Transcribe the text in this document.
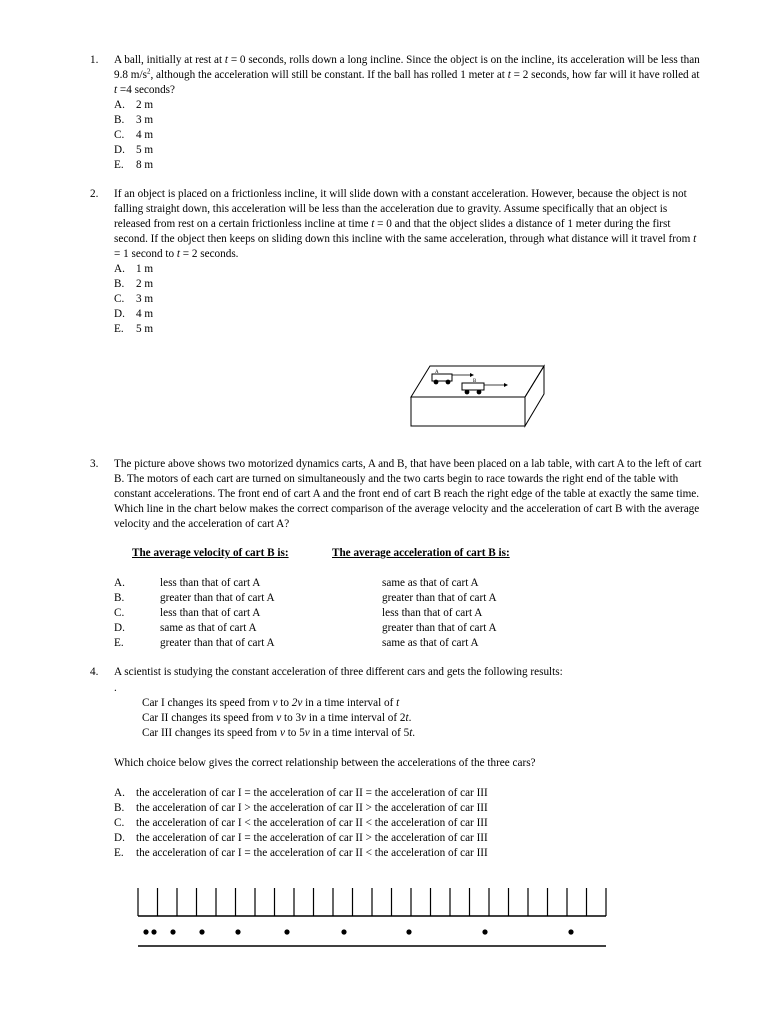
1. A ball, initially at rest at t = 0 seconds, rolls down a long incline. Since the object is on the incline, its acceleration will be less than 9.8 $m/s^2$, although the acceleration will still be constant. If the ball has rolled 1 meter at t = 2 seconds, how far will it have rolled at t =4 seconds?
A. 2 m
B. 3 m
C. 4 m
D. 5 m
E. 8 m
2. If an object is placed on a frictionless incline, it will slide down with a constant acceleration. However, because the object is not falling straight down, this acceleration will be less than the acceleration due to gravity. Assume specifically that an object is released from rest on a certain frictionless incline at time t = 0 and that the object slides a distance of 1 meter during the first second. If the object then keeps on sliding down this incline with the same acceleration, through what distance will it travel from t = 1 second to t = 2 seconds.
A. 1 m
B. 2 m
C. 3 m
D. 4 m
E. 5 m
A
B
3. The picture above shows two motorized dynamics carts, A and B, that have been placed on a lab table, with cart A to the left of cart B. The motors of each cart are turned on simultaneously and the two carts begin to race towards the right end of the table with constant accelerations. The front end of cart A and the front end of cart B reach the right edge of the table at exactly the same time. Which line in the chart below makes the correct comparison of the average velocity and the acceleration of cart B with the average velocity and the acceleration of cart A?
The average velocity of cart B is:	The average acceleration of cart B is:
A.	less than that of cart A	same as that of cart A
B.	greater than that of cart A	greater than that of cart A
C.	less than that of cart A	less than that of cart A
D.	same as that of cart A	greater than that of cart A
E.	greater than that of cart A	same as that of cart A
4. A scientist is studying the constant acceleration of three different cars and gets the following results:
.
Car I changes its speed from v to 2v in a time interval of t
Car II changes its speed from v to 3v in a time interval of 2t.
Car III changes its speed from v to 5v in a time interval of 5t.
Which choice below gives the correct relationship between the accelerations of the three cars?
A. the acceleration of car I = the acceleration of car II = the acceleration of car III
B. the acceleration of car I > the acceleration of car II > the acceleration of car III
C. the acceleration of car I < the acceleration of car II < the acceleration of car III
D. the acceleration of car I = the acceleration of car II > the acceleration of car III
E. the acceleration of car I = the acceleration of car II < the acceleration of car III
